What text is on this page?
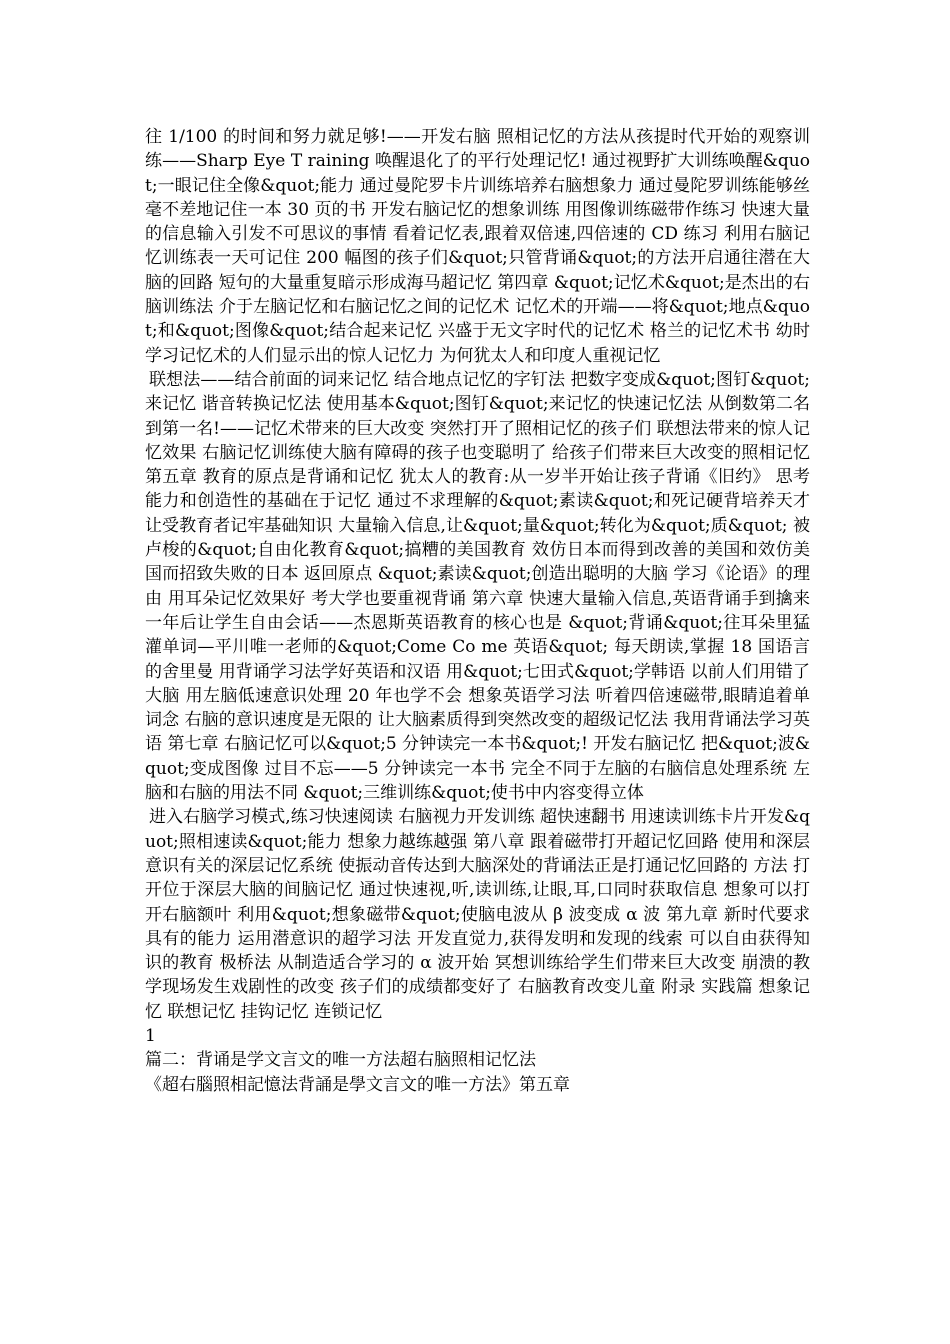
往 1/100 的时间和努力就足够!——开发右脑 照相记忆的方法从孩提时代开始的观察训练——Sharp Eye T raining 唤醒退化了的平行处理记忆! 通过视野扩大训练唤醒&quot;一眼记住全像&quot;能力 通过曼陀罗卡片训练培养右脑想象力 通过曼陀罗训练能够丝毫不差地记住一本 30 页的书 开发右脑记忆的想象训练 用图像训练磁带作练习 快速大量的信息输入引发不可思议的事情 看着记忆表,跟着双倍速,四倍速的 CD 练习 利用右脑记忆训练表一天可记住 200 幅图的孩子们&quot;只管背诵&quot;的方法开启通往潜在大脑的回路 短句的大量重复暗示形成海马超记忆 第四章 &quot;记忆术&quot;是杰出的右脑训练法 介于左脑记忆和右脑记忆之间的记忆术 记忆术的开端——将&quot;地点&quot;和&quot;图像&quot;结合起来记忆 兴盛于无文字时代的记忆术 格兰的记忆术书 幼时学习记忆术的人们显示出的惊人记忆力 为何犹太人和印度人重视记忆

联想法——结合前面的词来记忆 结合地点记忆的字钉法 把数字变成&quot;图钉&quot;来记忆 谐音转换记忆法 使用基本&quot;图钉&quot;来记忆的快速记忆法 从倒数第二名到第一名!——记忆术带来的巨大改变 突然打开了照相记忆的孩子们 联想法带来的惊人记忆效果 右脑记忆训练使大脑有障碍的孩子也变聪明了 给孩子们带来巨大改变的照相记忆 第五章 教育的原点是背诵和记忆 犹太人的教育:从一岁半开始让孩子背诵《旧约》 思考能力和创造性的基础在于记忆 通过不求理解的&quot;素读&quot;和死记硬背培养天才 让受教育者记牢基础知识 大量输入信息,让&quot;量&quot;转化为&quot;质&quot; 被卢梭的&quot;自由化教育&quot;搞糟的美国教育 效仿日本而得到改善的美国和效仿美国而招致失败的日本 返回原点 &quot;素读&quot;创造出聪明的大脑 学习《论语》的理由 用耳朵记忆效果好 考大学也要重视背诵 第六章 快速大量输入信息,英语背诵手到擒来 一年后让学生自由会话——杰恩斯英语教育的核心也是 &quot;背诵&quot;往耳朵里猛灌单词—平川唯一老师的&quot;Come Co me 英语&quot; 每天朗读,掌握 18 国语言的舍里曼 用背诵学习法学好英语和汉语 用&quot;七田式&quot;学韩语 以前人们用错了大脑 用左脑低速意识处理 20 年也学不会 想象英语学习法 听着四倍速磁带,眼睛追着单词念 右脑的意识速度是无限的 让大脑素质得到突然改变的超级记忆法 我用背诵法学习英语 第七章 右脑记忆可以&quot;5 分钟读完一本书&quot;! 开发右脑记忆 把&quot;波&quot;变成图像 过目不忘——5 分钟读完一本书 完全不同于左脑的右脑信息处理系统 左脑和右脑的用法不同 &quot;三维训练&quot;使书中内容变得立体

进入右脑学习模式,练习快速阅读 右脑视力开发训练 超快速翻书 用速读训练卡片开发&quot;照相速读&quot;能力 想象力越练越强 第八章 跟着磁带打开超记忆回路 使用和深层意识有关的深层记忆系统 使振动音传达到大脑深处的背诵法正是打通记忆回路的 方法 打开位于深层大脑的间脑记忆 通过快速视,听,读训练,让眼,耳,口同时获取信息 想象可以打开右脑额叶 利用&quot;想象磁带&quot;使脑电波从 β 波变成 α 波 第九章 新时代要求具有的能力 运用潜意识的超学习法 开发直觉力,获得发明和发现的线索 可以自由获得知识的教育 极桥法 从制造适合学习的 α 波开始 冥想训练给学生们带来巨大改变 崩溃的教学现场发生戏剧性的改变 孩子们的成绩都变好了 右脑教育改变儿童 附录 实践篇 想象记忆 联想记忆 挂钩记忆 连锁记忆

1

篇二：背诵是学文言文的唯一方法超右脑照相记忆法

《超右腦照相記憶法背誦是學文言文的唯一方法》第五章
